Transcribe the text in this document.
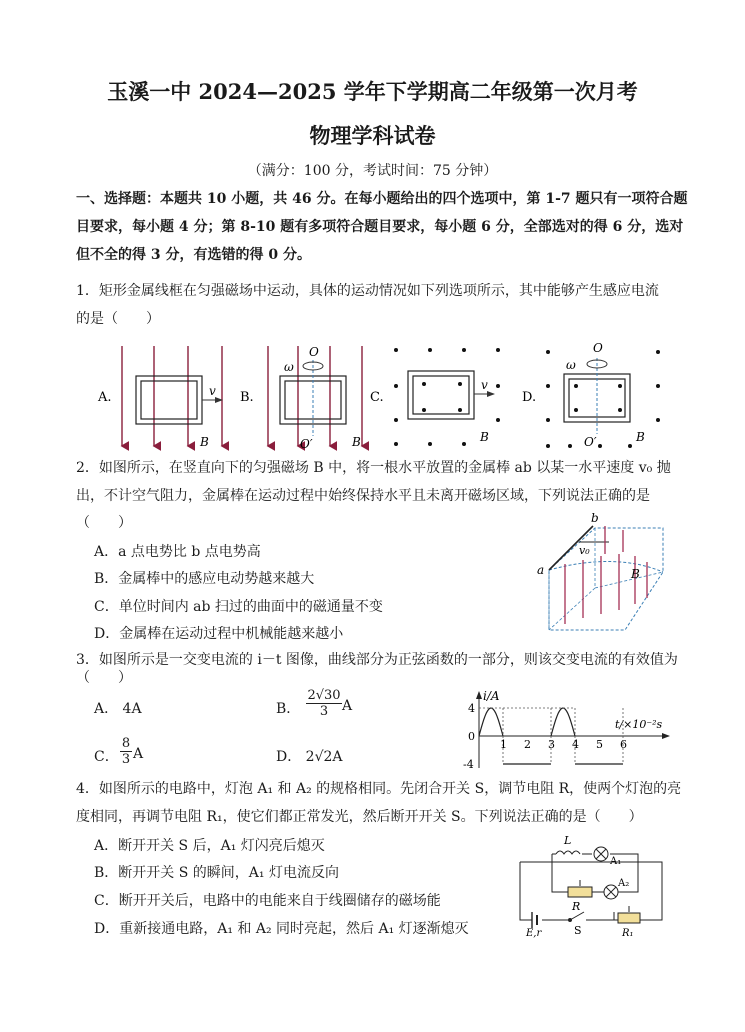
玉溪一中 2024—2025 学年下学期高二年级第一次月考
物理学科试卷
（满分：100 分，考试时间：75 分钟）
一、选择题：本题共 10 小题，共 46 分。在每小题给出的四个选项中，第 1-7 题只有一项符合题
目要求，每小题 4 分；第 8-10 题有多项符合题目要求，每小题 6 分，全部选对的得 6 分，选对
但不全的得 3 分，有选错的得 0 分。
1．矩形金属线框在匀强磁场中运动，具体的运动情况如下列选项所示，其中能够产生感应电流
的是（　　）
A.	v
B
B.
ω
O
O′	B
C.
v
B
D.
ω
O
O′	B
2．如图所示，在竖直向下的匀强磁场 B 中，将一根水平放置的金属棒 ab 以某一水平速度 v₀ 抛
出，不计空气阻力，金属棒在运动过程中始终保持水平且未离开磁场区域，下列说法正确的是
（　　）
A．a 点电势比 b 点电势高
B．金属棒中的感应电动势越来越大
C．单位时间内 ab 扫过的曲面中的磁通量不变
D．金属棒在运动过程中机械能越来越小
a
b
v₀
B
3．如图所示是一交变电流的 i－t 图像，曲线部分为正弦函数的一部分，则该交变电流的有效值为
（　　）
A． 4A	B． $\frac{2√30}{3}$ A
C． $\frac{8}{3}$ A	D． 2√2A
i/A
t/×10⁻²s
1 2 3 4 5 6
4
0
-4
4．如图所示的电路中，灯泡 A₁ 和 A₂ 的规格相同。先闭合开关 S，调节电阻 R，使两个灯泡的亮
度相同，再调节电阻 R₁，使它们都正常发光，然后断开开关 S。下列说法正确的是（　　）
A．断开开关 S 后，A₁ 灯闪亮后熄灭
B．断开开关 S 的瞬间，A₁ 灯电流反向
C．断开开关后，电路中的电能来自于线圈储存的磁场能
D．重新接通电路，A₁ 和 A₂ 同时亮起，然后 A₁ 灯逐渐熄灭
L
A₁
A₂
R
E,r	S	R₁
